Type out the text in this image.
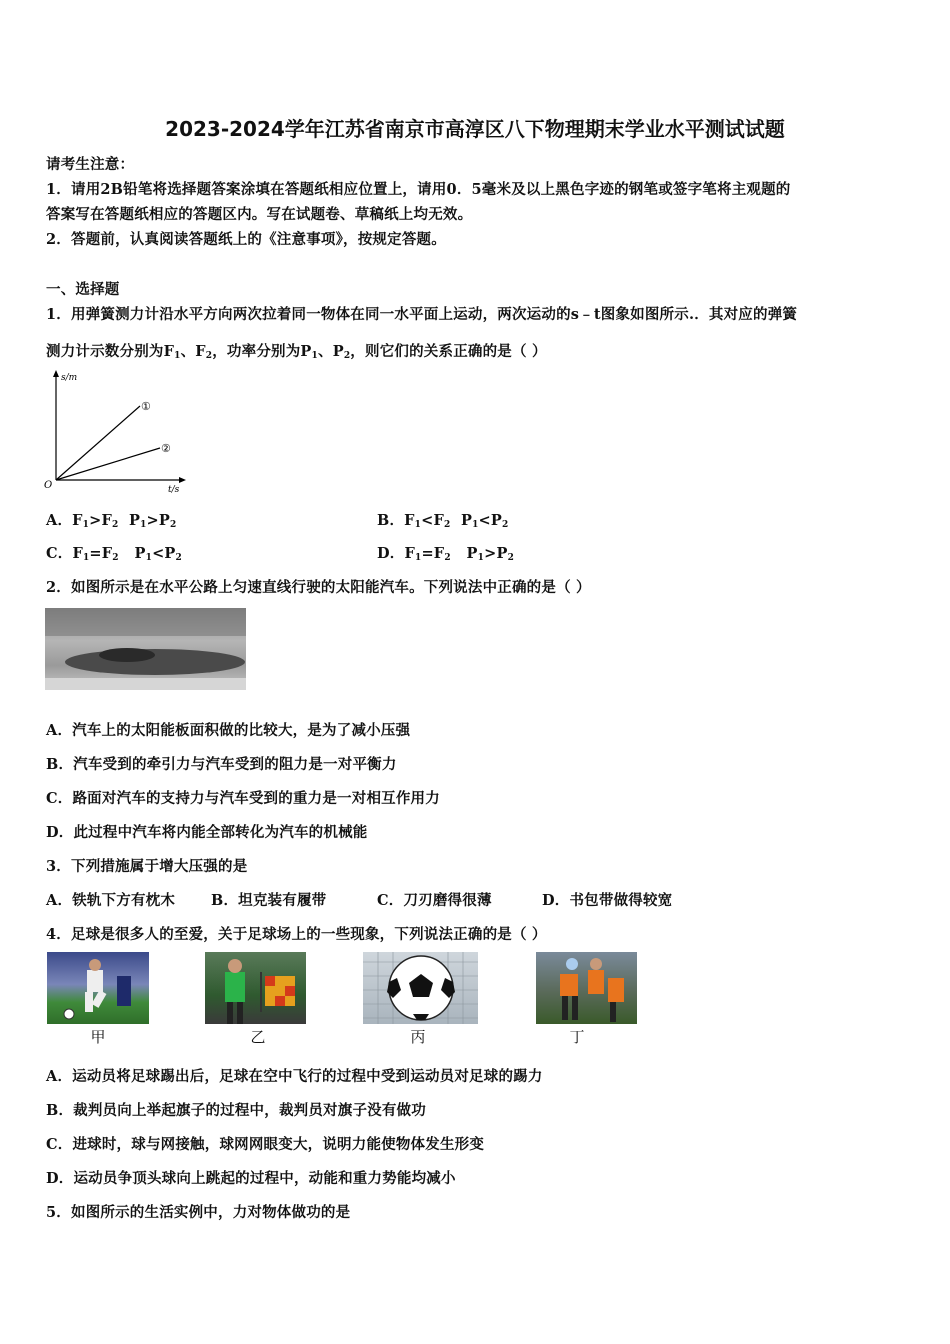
2023-2024学年江苏省南京市高淳区八下物理期末学业水平测试试题
请考生注意：
1．请用2B铅笔将选择题答案涂填在答题纸相应位置上，请用0．5毫米及以上黑色字迹的钢笔或签字笔将主观题的
答案写在答题纸相应的答题区内。写在试题卷、草稿纸上均无效。
2．答题前，认真阅读答题纸上的《注意事项》，按规定答题。
一、选择题
1．用弹簧测力计沿水平方向两次拉着同一物体在同一水平面上运动，两次运动的s﹣t图象如图所示.．其对应的弹簧
测力计示数分别为$F_1$、$F_2$，功率分别为$P_1$、$P_2$，则它们的关系正确的是（ ）
s/m
t/s
O
①
②
A．$F_1>F_2$  $P_1>P_2$	B．$F_1<F_2$  $P_1<P_2$
C．$F_1=F_2$   $P_1<P_2$	D．$F_1=F_2$   $P_1>P_2$
2．如图所示是在水平公路上匀速直线行驶的太阳能汽车。下列说法中正确的是（ ）
A．汽车上的太阳能板面积做的比较大，是为了减小压强
B．汽车受到的牵引力与汽车受到的阻力是一对平衡力
C．路面对汽车的支持力与汽车受到的重力是一对相互作用力
D．此过程中汽车将内能全部转化为汽车的机械能
3．下列措施属于增大压强的是
A．铁轨下方有枕木 B．坦克装有履带	C．刀刃磨得很薄	D．书包带做得较宽
4．足球是很多人的至爱，关于足球场上的一些现象，下列说法正确的是（ ）
甲	乙	丙	丁
A．运动员将足球踢出后，足球在空中飞行的过程中受到运动员对足球的踢力
B．裁判员向上举起旗子的过程中，裁判员对旗子没有做功
C．进球时，球与网接触，球网网眼变大，说明力能使物体发生形变
D．运动员争顶头球向上跳起的过程中，动能和重力势能均减小
5．如图所示的生活实例中，力对物体做功的是
